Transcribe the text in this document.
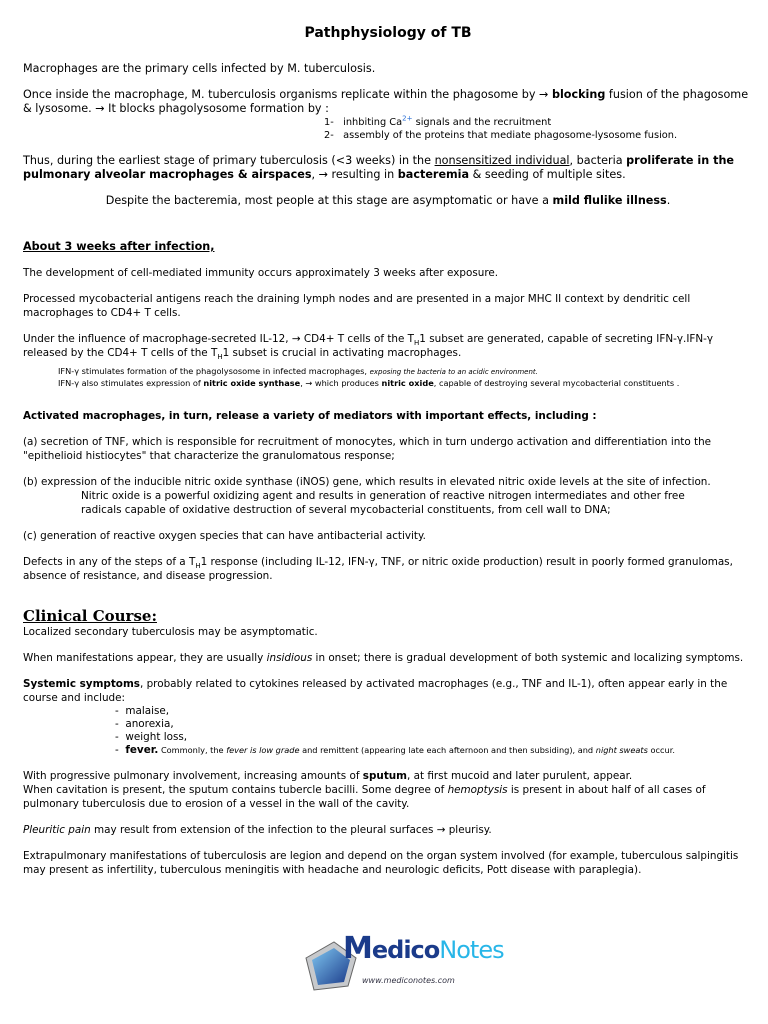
Pathphysiology of TB

Macrophages are the primary cells infected by M. tuberculosis.

Once inside the macrophage, M. tuberculosis organisms replicate within the phagosome by → blocking fusion of the phagosome & lysosome. → It blocks phagolysosome formation by :

1- inhbiting $Ca^{2+}$ signals and the recruitment
2- assembly of the proteins that mediate phagosome-lysosome fusion.

Thus, during the earliest stage of primary tuberculosis (<3 weeks) in the nonsensitized individual, bacteria proliferate in the pulmonary alveolar macrophages & airspaces, → resulting in bacteremia & seeding of multiple sites.

Despite the bacteremia, most people at this stage are asymptomatic or have a mild flulike illness.

About 3 weeks after infection,

The development of cell-mediated immunity occurs approximately 3 weeks after exposure.

Processed mycobacterial antigens reach the draining lymph nodes and are presented in a major MHC II context by dendritic cell macrophages to CD4+ T cells.

Under the influence of macrophage-secreted IL-12, → CD4+ T cells of the $T_H1$ subset are generated, capable of secreting IFN-γ.IFN-γ released by the CD4+ T cells of the $T_H1$ subset is crucial in activating macrophages.

IFN-γ stimulates formation of the phagolysosome in infected macrophages, exposing the bacteria to an acidic environment.

IFN-γ also stimulates expression of nitric oxide synthase, → which produces nitric oxide, capable of destroying several mycobacterial constituents .

Activated macrophages, in turn, release a variety of mediators with important effects, including :

(a) secretion of TNF, which is responsible for recruitment of monocytes, which in turn undergo activation and differentiation into the "epithelioid histiocytes" that characterize the granulomatous response;

(b) expression of the inducible nitric oxide synthase (iNOS) gene, which results in elevated nitric oxide levels at the site of infection.

Nitric oxide is a powerful oxidizing agent and results in generation of reactive nitrogen intermediates and other free radicals capable of oxidative destruction of several mycobacterial constituents, from cell wall to DNA;

(c) generation of reactive oxygen species that can have antibacterial activity.

Defects in any of the steps of a $T_H1$ response (including IL-12, IFN-γ, TNF, or nitric oxide production) result in poorly formed granulomas, absence of resistance, and disease progression.

Clinical Course:

Localized secondary tuberculosis may be asymptomatic.

When manifestations appear, they are usually insidious in onset; there is gradual development of both systemic and localizing symptoms.

Systemic symptoms, probably related to cytokines released by activated macrophages (e.g., TNF and IL-1), often appear early in the course and include:

-  malaise,
-  anorexia,
-  weight loss,
-  fever. Commonly, the fever is low grade and remittent (appearing late each afternoon and then subsiding), and night sweats occur.

With progressive pulmonary involvement, increasing amounts of sputum, at first mucoid and later purulent, appear.

When cavitation is present, the sputum contains tubercle bacilli. Some degree of hemoptysis is present in about half of all cases of pulmonary tuberculosis due to erosion of a vessel in the wall of the cavity.

Pleuritic pain may result from extension of the infection to the pleural surfaces → pleurisy.

Extrapulmonary manifestations of tuberculosis are legion and depend on the organ system involved (for example, tuberculous salpingitis may present as infertility, tuberculous meningitis with headache and neurologic deficits, Pott disease with paraplegia).

MedicoNotes
www.mediconotes.com
